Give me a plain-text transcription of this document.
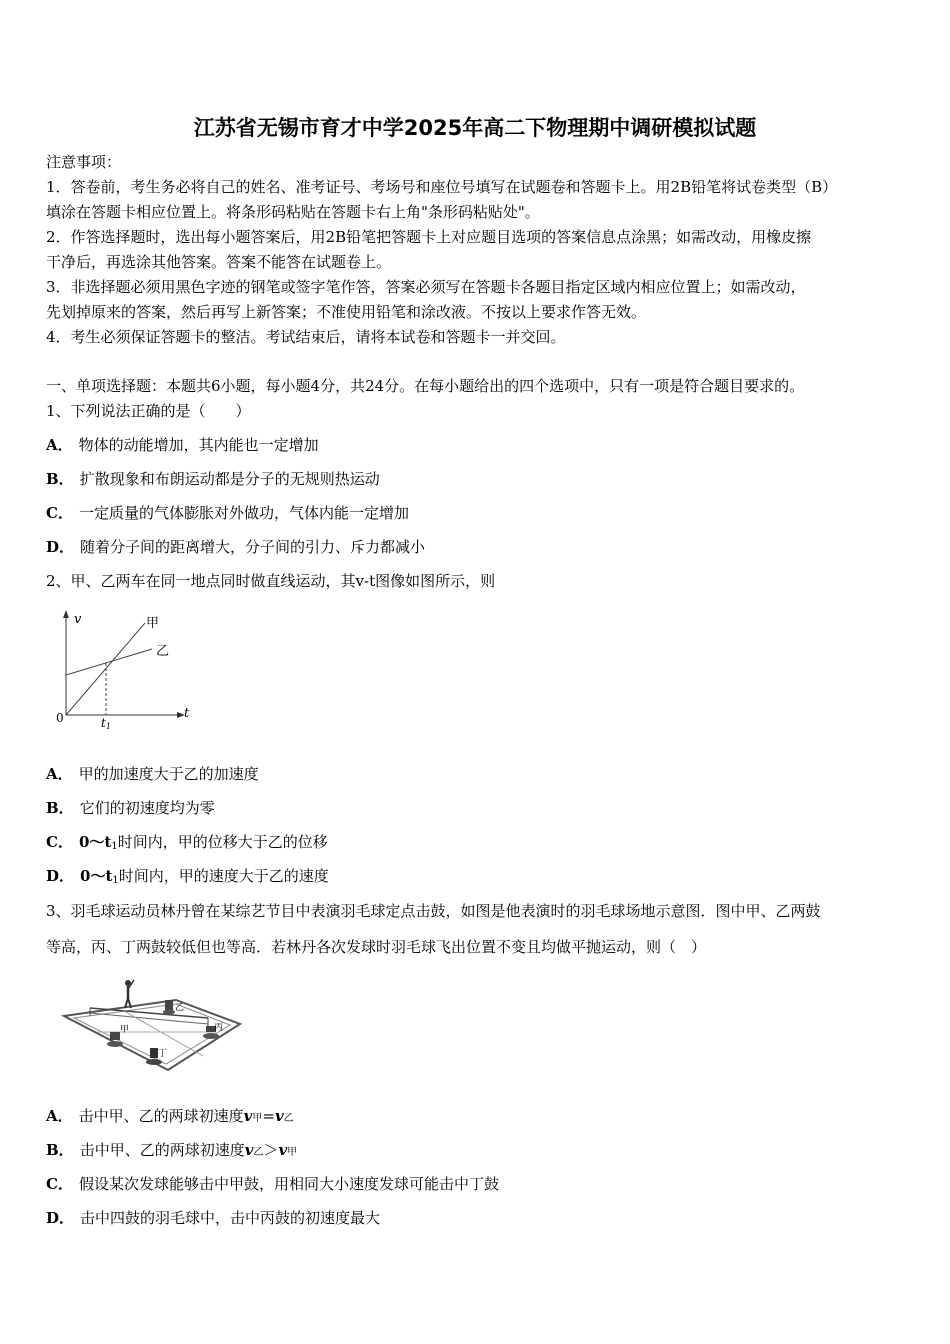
江苏省无锡市育才中学2025年高二下物理期中调研模拟试题
注意事项：
1．答卷前，考生务必将自己的姓名、准考证号、考场号和座位号填写在试题卷和答题卡上。用2B铅笔将试卷类型（B）
填涂在答题卡相应位置上。将条形码粘贴在答题卡右上角"条形码粘贴处"。
2．作答选择题时，选出每小题答案后，用2B铅笔把答题卡上对应题目选项的答案信息点涂黑；如需改动，用橡皮擦
干净后，再选涂其他答案。答案不能答在试题卷上。
3．非选择题必须用黑色字迹的钢笔或签字笔作答，答案必须写在答题卡各题目指定区域内相应位置上；如需改动，
先划掉原来的答案，然后再写上新答案；不准使用铅笔和涂改液。不按以上要求作答无效。
4．考生必须保证答题卡的整洁。考试结束后，请将本试卷和答题卡一并交回。
一、单项选择题：本题共6小题，每小题4分，共24分。在每小题给出的四个选项中，只有一项是符合题目要求的。
1、下列说法正确的是（　　）
A． 物体的动能增加，其内能也一定增加
B． 扩散现象和布朗运动都是分子的无规则热运动
C． 一定质量的气体膨胀对外做功，气体内能一定增加
D． 随着分子间的距离增大，分子间的引力、斥力都减小
2、甲、乙两车在同一地点同时做直线运动，其v-t图像如图所示，则
v
t
0	t1
甲
乙
A． 甲的加速度大于乙的加速度
B． 它们的初速度均为零
C． $0\sim t_1$时间内，甲的位移大于乙的位移
D． $0\sim t_1$时间内，甲的速度大于乙的速度
3、羽毛球运动员林丹曾在某综艺节目中表演羽毛球定点击鼓，如图是他表演时的羽毛球场地示意图．图中甲、乙两鼓
等高，丙、丁两鼓较低但也等高．若林丹各次发球时羽毛球飞出位置不变且均做平抛运动，则（　）
甲
乙
丙
丁
A． 击中甲、乙的两球初速度v甲=v乙
B． 击中甲、乙的两球初速度v乙＞v甲
C． 假设某次发球能够击中甲鼓，用相同大小速度发球可能击中丁鼓
D． 击中四鼓的羽毛球中，击中丙鼓的初速度最大
